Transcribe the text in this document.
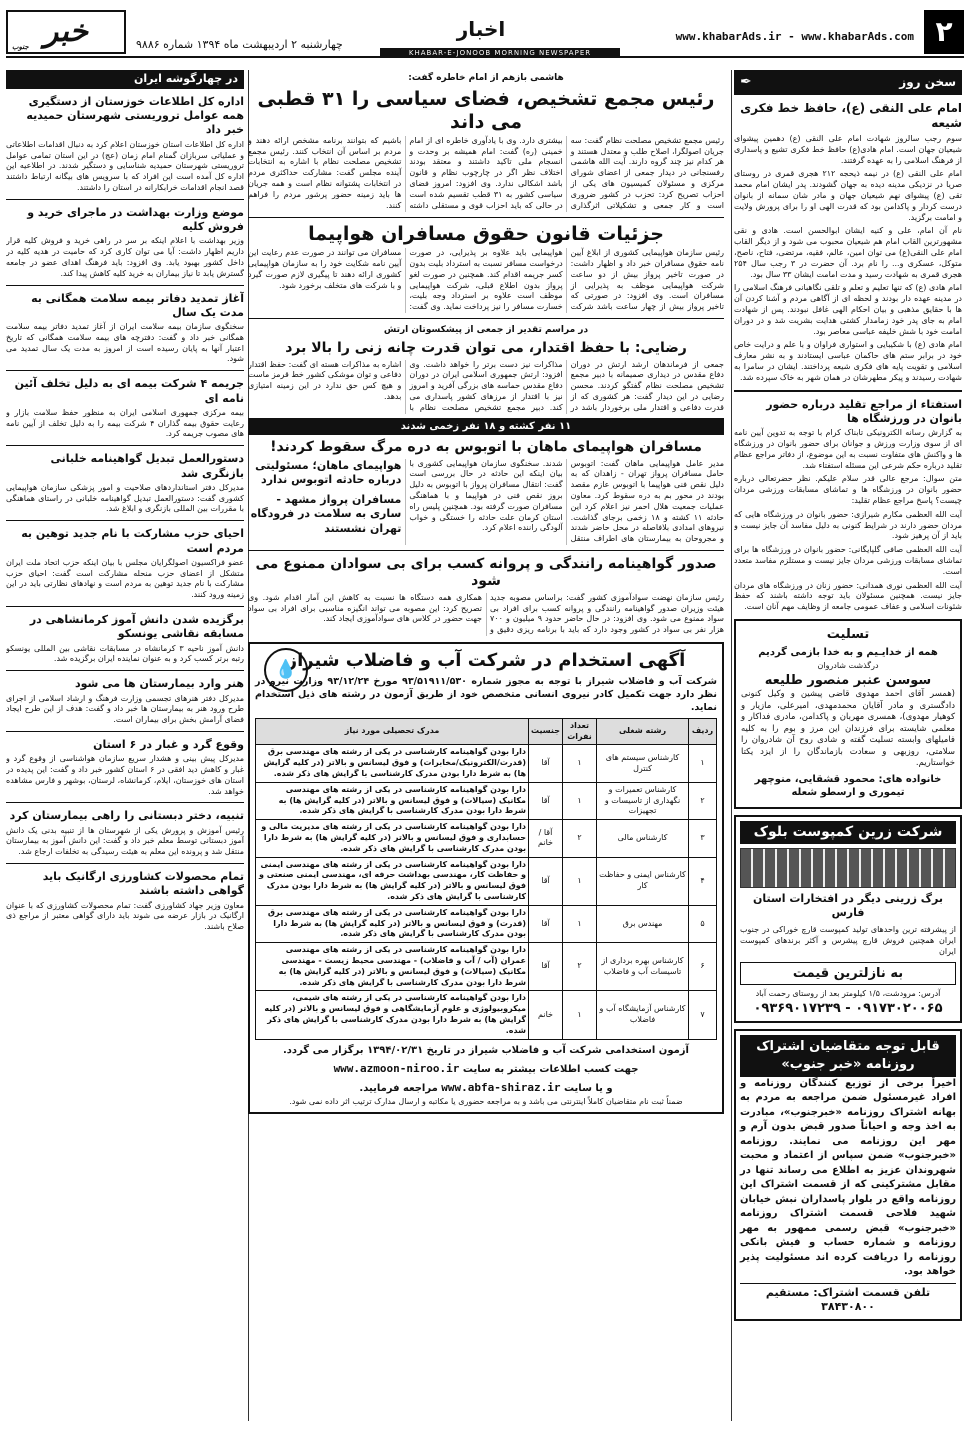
۲
www.khabarAds.ir - www.khabarAds.com
اخبار
چهارشنبه ۲ اردیبهشت ماه ۱۳۹۴ شماره ۹۸۸۶
خبر
جنوب
KHABAR-E-JONOOB MORNING NEWSPAPER
سخن روز
✒
امام علی النقی (ع)، حافظ خط فکری شیعه

سوم رجب سالروز شهادت امام علی النقی (ع) دهمین پیشوای شیعیان جهان است. امام هادی(ع) حافظ خط فکری تشیع و پاسداری از فرهنگ اسلامی را به عهده گرفتند.

امام علی النقی (ع) در نیمه ذیحجه ۲۱۲ هجری قمری در روستای صریا در نزدیکی مدینه دیده به جهان گشودند. پدر ایشان امام محمد تقی (ع) پیشوای نهم شیعیان جهان و مادر شان سمانه از بانوان درست کردار و پاکدامن بود که قدرت الهی او را برای پرورش ولایت و امامت برگزید.

نام آن امام، علی و کنیه ایشان ابوالحسن است. هادی و نقی مشهورترین القاب امام هم شیعیان محبوب می شود و از دیگر القاب امام علی النقی(ع) می توان امین، عالم، فقیه، مرتضی، فتاح، ناصح، متوکل، عسکری و... را نام برد. آن حضرت در ۳ رجب سال ۲۵۴ هجری قمری به شهادت رسید و مدت امامت ایشان ۳۳ سال بود.

امام هادی (ع) که تنها تعلیم و تعلم و تلقی نگاهبانی فرهنگ اسلامی را در مدینه عهده دار بودند و لحظه ای از آگاهی مردم و آشنا کردن آن ها با حقایق مذهبی و بیان احکام الهی غافل نبودند. پس از شهادت امام به جای پدر خود زمامدار کشتی هدایت بشریت شد و در دوران امامت خود با شش خلیفه عباسی معاصر بود.

امام هادی (ع) با شکیبایی و استواری فراوان و با علم و درایت خاص خود در برابر ستم های حاکمان عباسی ایستادند و به نشر معارف اسلامی و تقویت پایه های فکری شیعه پرداختند. ایشان در سامرا به شهادت رسیدند و پیکر مطهرشان در همان شهر به خاک سپرده شد.

استفتاء از مراجع تقلید درباره حضور بانوان در ورزشگاه ها

به گزارش رسانه الکترونیکی تابناک کرام با توجه به تدوین آیین نامه ای از سوی وزارت ورزش و جوانان برای حضور بانوان در ورزشگاه ها و واکنش های متفاوت نسبت به این موضوع، از دفاتر مراجع عظام تقلید درباره حکم شرعی این مسئله استفتاء شد.

متن سوال: مرجع عالی قدر سلام علیکم. نظر حضرتعالی درباره حضور بانوان در ورزشگاه ها و تماشای مسابقات ورزشی مردان چیست؟ پاسخ مراجع عظام تقلید:

آیت الله العظمی مکارم شیرازی: حضور بانوان در ورزشگاه هایی که مردان حضور دارند در شرایط کنونی به دلیل مفاسد آن جایز نیست و باید از آن پرهیز شود.

آیت الله العظمی صافی گلپایگانی: حضور بانوان در ورزشگاه ها برای تماشای مسابقات ورزشی مردان جایز نیست و مستلزم مفاسد متعدد است.

آیت الله العظمی نوری همدانی: حضور زنان در ورزشگاه های مردان جایز نیست. همچنین مسئولان باید توجه داشته باشند که حفظ شئونات اسلامی و عفاف عمومی جامعه از وظایف مهم آنان است.

تسلیت
همه از خدایـیم و به خدا بازمی گردیم
درگذشت شادروان
سوسن عنبر منصور طلیعه

(همسر آقای احمد مهدوی قاضی پیشین و وکیل کنونی دادگستری و مادر آقایان محمدمهدی، امیرعلی، مازیار و کوهیار مهدوی)، همسری مهربان و پاکدامن، مادری فداکار و معلمی شایسته برای فرزندان این مرز و بوم را به کلیه فامیلهای وابسته تسلیت گفته و شادی روح آن شادروان را سلامتی، روزبهی و سعادت بازماندگان را از ایزد یکتا خواستاریم.

خانواده های: محمود قشقایی، منوچهر تیموری و ارسطو شعله
شرکت زرین کمپوست بلوک
برگ زرینی دیگر در افتخارات استان فارس

از پیشرفته ترین واحدهای تولید کمپوست قارچ خوراکی در جنوب ایران همچنین فروش قارچ پیشرس و آکثر برندهای کمپوست ایران

به نازلترین قیمت
آدرس: مرودشت، ۱/۵ کیلومتر بعد از روستای رحمت آباد
۰۹۱۷۳۰۲۰۰۶۵ - ۰۹۳۶۹۰۱۷۲۳۹
قابل توجه متقاضیان اشتراک روزنامه «خبر جنوب»

اخیراً برخی از توزیع کنندگان روزنامه و افراد غیرمسئول ضمن مراجعه به مردم به بهانه اشتراک روزنامه «خبرجنوب»، مبادرت به اخذ وجه و احیاناً صدور قبض بدون آرم و مهر این روزنامه می نمایند. روزنامه «خبرجنوب» ضمن سپاس از اعتماد و محبت شهروندان عزیز به اطلاع می رساند تنها در مقابل مشترکینی که از قسمت اشتراک این روزنامه واقع در بلوار پاسداران نبش خیابان شهید فلاحی قسمت اشتراک روزنامه «خبرجنوب» قبض رسمی ممهور به مهر روزنامه و شماره حساب و فیش بانکی روزنامه را دریافت کرده اند مسئولیت پذیر خواهد بود.

تلفن قسمت اشتراک: مستقیم ۳۸۴۳۰۸۰۰
هاشمی بازهم از امام خاطره گفت:
رئیس مجمع تشخیص، فضای سیاسی را ۳۱ قطبی می داند

رئیس مجمع تشخیص مصلحت نظام گفت: سه جریان اصولگرا، اصلاح طلب و معتدل هستند و هر کدام نیز چند گروه دارند. آیت الله هاشمی رفسنجانی در دیدار جمعی از اعضای شورای مرکزی و مسئولان کمیسیون های یکی از احزاب تصریح کرد: تحزب در کشور ضروری است و کار جمعی و تشکیلاتی اثرگذاری بیشتری دارد. وی با یادآوری خاطره ای از امام خمینی (ره) گفت: امام همیشه بر وحدت و انسجام ملی تاکید داشتند و معتقد بودند اختلاف نظر اگر در چارچوب نظام و قانون باشد اشکالی ندارد. وی افزود: امروز فضای سیاسی کشور به ۳۱ قطب تقسیم شده است در حالی که باید احزاب قوی و مستقلی داشته باشیم که بتوانند برنامه مشخص ارائه دهند و مردم بر اساس آن انتخاب کنند. رئیس مجمع تشخیص مصلحت نظام با اشاره به انتخابات آینده مجلس گفت: مشارکت حداکثری مردم در انتخابات پشتوانه نظام است و همه جریان ها باید زمینه حضور پرشور مردم را فراهم کنند.

جزئیات قانون حقوق مسافران هواپیما

رئیس سازمان هواپیمایی کشوری از ابلاغ آیین نامه حقوق مسافران خبر داد و اظهار داشت: در صورت تاخیر پرواز بیش از دو ساعت شرکت هواپیمایی موظف به پذیرایی از مسافران است. وی افزود: در صورتی که تاخیر پرواز بیش از چهار ساعت باشد شرکت هواپیمایی باید علاوه بر پذیرایی، در صورت درخواست مسافر نسبت به استرداد بلیت بدون کسر جریمه اقدام کند. همچنین در صورت لغو پرواز بدون اطلاع قبلی، شرکت هواپیمایی موظف است علاوه بر استرداد وجه بلیت، خسارت مسافر را نیز پرداخت نماید. وی گفت: مسافران می توانند در صورت عدم رعایت این آیین نامه شکایت خود را به سازمان هواپیمایی کشوری ارائه دهند تا پیگیری لازم صورت گیرد و با شرکت های متخلف برخورد شود.

در مراسم تقدیر از جمعی از پیشکسوتان ارتش
رضایی: با حفظ اقتدار، می توان قدرت چانه زنی را بالا برد

جمعی از فرماندهان ارشد ارتش در دوران دفاع مقدس در دیداری صمیمانه با دبیر مجمع تشخیص مصلحت نظام گفتگو کردند. محسن رضایی در این دیدار گفت: هر کشوری که از قدرت دفاعی و اقتدار ملی برخوردار باشد در مذاکرات نیز دست برتر را خواهد داشت. وی افزود: ارتش جمهوری اسلامی ایران در دوران دفاع مقدس حماسه های بزرگی آفرید و امروز نیز با اقتدار از مرزهای کشور پاسداری می کند. دبیر مجمع تشخیص مصلحت نظام با اشاره به مذاکرات هسته ای گفت: حفظ اقتدار دفاعی و توان موشکی کشور خط قرمز ماست و هیچ کس حق ندارد در این زمینه امتیازی بدهد.

۱۱ نفر کشته و ۱۸ نفر زخمی شدند
مسافران هواپیمای ماهان با اتوبوس به دره مرگ سقوط کردند!

مدیر عامل هواپیمایی ماهان گفت: اتوبوس حامل مسافران پرواز تهران - زاهدان که به دلیل نقص فنی هواپیما با اتوبوس عازم مقصد بودند در محور بم به دره سقوط کرد. معاون عملیات جمعیت هلال احمر نیز اعلام کرد این حادثه ۱۱ کشته و ۱۸ زخمی برجای گذاشت. نیروهای امدادی بلافاصله در محل حاضر شدند و مجروحان به بیمارستان های اطراف منتقل شدند. سخنگوی سازمان هواپیمایی کشوری با بیان اینکه این حادثه در حال بررسی است گفت: انتقال مسافران پرواز با اتوبوس به دلیل بروز نقص فنی در هواپیما و با هماهنگی مسافران صورت گرفته بود. همچنین پلیس راه استان کرمان علت حادثه را خستگی و خواب آلودگی راننده اعلام کرد.

هواپیمای ماهان؛ مسئولیتی درباره حادثه اتوبوس ندارد
مسافران پرواز مشهد - ساری به سلامت در فرودگاه تهران نشستند
صدور گواهینامه رانندگی و پروانه کسب برای بی سوادان ممنوع می شود

رئیس سازمان نهضت سوادآموزی کشور گفت: براساس مصوبه جدید هیئت وزیران صدور گواهینامه رانندگی و پروانه کسب برای افراد بی سواد ممنوع می شود. وی افزود: در حال حاضر حدود ۹ میلیون و ۷۰۰ هزار نفر بی سواد در کشور وجود دارد که باید با برنامه ریزی دقیق و همکاری همه دستگاه ها نسبت به کاهش این آمار اقدام شود. وی تصریح کرد: این مصوبه می تواند انگیزه مناسبی برای افراد بی سواد جهت حضور در کلاس های سوادآموزی ایجاد کند.

💧
آگهی استخدام در شرکت آب و فاضلاب شیراز

شرکت آب و فاضلاب شیراز با توجه به مجوز شماره ۹۳/۵۱۹۱۱/۵۳۰ مورخ ۹۳/۱۲/۲۴ وزارت نیرو در نظر دارد جهت تکمیل کادر نیروی انسانی متخصص خود از طریق آزمون در رشته های ذیل استخدام نماید.

ردیف	رشته شغلی	تعداد نفرات	جنسیت	مدرک تحصیلی مورد نیاز
۱	کارشناس سیستم های کنترل	۱	آقا	دارا بودن گواهینامه کارشناسی در یکی از رشته های مهندسی برق (قدرت/الکترونیک/مخابرات) و فوق لیسانس و بالاتر (در کلیه گرایش ها) به شرط دارا بودن مدرک کارشناسی با گرایش های ذکر شده.
۲	کارشناس تعمیرات و نگهداری از تاسیسات و تجهیزات	۱	آقا	دارا بودن گواهینامه کارشناسی در یکی از رشته های مهندسی مکانیک (سیالات) و فوق لیسانس و بالاتر (در کلیه گرایش ها) به شرط دارا بودن مدرک کارشناسی با گرایش های ذکر شده.
۳	کارشناس مالی	۲	آقا / خانم	دارا بودن گواهینامه کارشناسی در یکی از رشته های مدیریت مالی و حسابداری و فوق لیسانس و بالاتر (در کلیه گرایش ها) به شرط دارا بودن مدرک کارشناسی با گرایش های ذکر شده.
۴	کارشناس ایمنی و حفاظت کار	۱	آقا	دارا بودن گواهینامه کارشناسی در یکی از رشته های مهندسی ایمنی و حفاظت کار، مهندسی بهداشت حرفه ای، مهندسی ایمنی صنعتی و فوق لیسانس و بالاتر (در کلیه گرایش ها) به شرط دارا بودن مدرک کارشناسی با گرایش های ذکر شده.
۵	مهندس برق	۱	آقا	دارا بودن گواهینامه کارشناسی در یکی از رشته های مهندسی برق (قدرت) و فوق لیسانس و بالاتر (در کلیه گرایش ها) به شرط دارا بودن مدرک کارشناسی با گرایش های ذکر شده.
۶	کارشناس بهره برداری از تاسیسات آب و فاضلاب	۲	آقا	دارا بودن گواهینامه کارشناسی در یکی از رشته های مهندسی عمران (آب / آب و فاضلاب) - مهندسی محیط زیست - مهندسی مکانیک (سیالات) و فوق لیسانس و بالاتر (در کلیه گرایش ها) به شرط دارا بودن مدرک کارشناسی با گرایش های ذکر شده.
۷	کارشناس آزمایشگاه آب و فاضلاب	۱	خانم	دارا بودن گواهینامه کارشناسی در یکی از رشته های شیمی، میکروبیولوژی و علوم آزمایشگاهی و فوق لیسانس و بالاتر (در کلیه گرایش ها) به شرط دارا بودن مدرک کارشناسی با گرایش های ذکر شده.
آزمون استخدامی شرکت آب و فاضلاب شیراز در تاریخ ۱۳۹۴/۰۲/۳۱ برگزار می گردد.
جهت کسب اطلاعات بیشتر به سایت www.azmoon-niroo.ir
و یا سایت www.abfa-shiraz.ir مراجعه فرمایید.
ضمناً ثبت نام متقاضیان کاملاً اینترنتی می باشد و به مراجعه حضوری یا مکاتبه و ارسال مدارک ترتیب اثر داده نمی شود.
در چهارگوشه ایران
اداره کل اطلاعات خوزستان از دستگیری همه عوامل تروریستی شهرستان حمیدیه خبر داد

اداره کل اطلاعات استان خوزستان اعلام کرد به دنبال اقدامات اطلاعاتی و عملیاتی سربازان گمنام امام زمان (عج) در این استان تمامی عوامل تروریستی شهرستان حمیدیه شناسایی و دستگیر شدند. در اطلاعیه این اداره کل آمده است این افراد که با سرویس های بیگانه ارتباط داشتند قصد انجام اقدامات خرابکارانه در استان را داشتند.

موضع وزارت بهداشت در ماجرای خرید و فروش کلیه

وزیر بهداشت با اعلام اینکه بر سر در راهی خرید و فروش کلیه قرار داریم اظهار داشت: آیا می توان کاری کرد که حامیت در هدیه کلیه در داخل کشور بهبود یابد. وی افزود: باید فرهنگ اهدای عضو در جامعه گسترش یابد تا نیاز بیماران به خرید کلیه کاهش پیدا کند.

آغاز تمدید دفاتر بیمه سلامت همگانی به مدت یک سال

سخنگوی سازمان بیمه سلامت ایران از آغاز تمدید دفاتر بیمه سلامت همگانی خبر داد و گفت: دفترچه های بیمه سلامت همگانی که تاریخ اعتبار آنها به پایان رسیده است از امروز به مدت یک سال تمدید می شود.

جریمه ۴ شرکت بیمه ای به دلیل تخلف آئین نامه ای

بیمه مرکزی جمهوری اسلامی ایران به منظور حفظ سلامت بازار و رعایت حقوق بیمه گذاران ۴ شرکت بیمه را به دلیل تخلف از آیین نامه های مصوب جریمه کرد.

دستورالعمل تبدیل گواهینامه خلبانی بازنگری شد

مدیرکل دفتر استانداردهای صلاحیت و امور پزشکی سازمان هواپیمایی کشوری گفت: دستورالعمل تبدیل گواهینامه خلبانی در راستای هماهنگی با مقررات بین المللی بازنگری و ابلاغ شد.

احیای حزب مشارکت با نام جدید توهین به مردم است

عضو فراکسیون اصولگرایان مجلس با بیان اینکه حزب اتحاد ملت ایران متشکل از اعضای حزب منحله مشارکت است گفت: احیای حزب مشارکت با نام جدید توهین به مردم است و نهادهای نظارتی باید در این زمینه ورود کنند.

برگزیده شدن دانش آموز کرمانشاهی در مسابقه نقاشی یونسکو

دانش آموز ناحیه ۳ کرمانشاه در مسابقات نقاشی بین المللی یونسکو رتبه برتر کسب کرد و به عنوان نماینده ایران برگزیده شد.

هنر وارد بیمارستان ها می شود

مدیرکل دفتر هنرهای تجسمی وزارت فرهنگ و ارشاد اسلامی از اجرای طرح ورود هنر به بیمارستان ها خبر داد و گفت: هدف از این طرح ایجاد فضای آرامش بخش برای بیماران است.

وقوع گرد و غبار در ۶ استان

مدیرکل پیش بینی و هشدار سریع سازمان هواشناسی از وقوع گرد و غبار و کاهش دید افقی در ۶ استان کشور خبر داد و گفت: این پدیده در استان های خوزستان، ایلام، کرمانشاه، لرستان، بوشهر و فارس مشاهده خواهد شد.

تنبیه، دختر دبستانی را راهی بیمارستان کرد

رئیس آموزش و پرورش یکی از شهرستان ها از تنبیه بدنی یک دانش آموز دبستانی توسط معلم خبر داد و گفت: این دانش آموز به بیمارستان منتقل شد و پرونده این معلم به هیئت رسیدگی به تخلفات ارجاع شد.

تمام محصولات کشاورزی ارگانیک باید گواهی داشته باشند

معاون وزیر جهاد کشاورزی گفت: تمام محصولات کشاورزی که با عنوان ارگانیک در بازار عرضه می شوند باید دارای گواهی معتبر از مراجع ذی صلاح باشند.
